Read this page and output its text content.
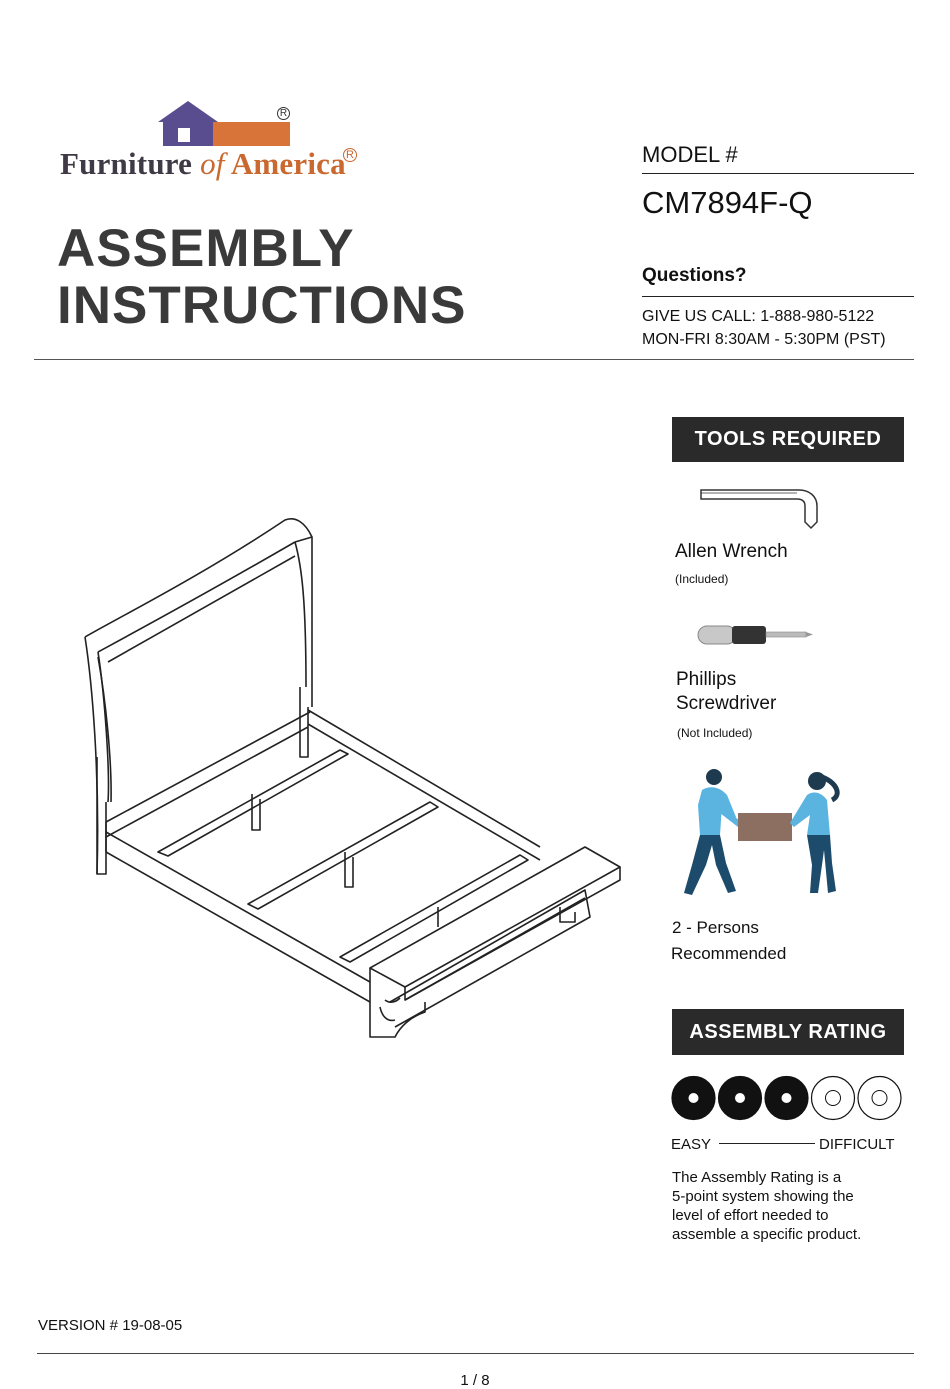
R
Furniture of America R
ASSEMBLY
INSTRUCTIONS
MODEL #
CM7894F-Q
Questions?
GIVE US CALL: 1-888-980-5122
MON-FRI 8:30AM - 5:30PM (PST)
TOOLS REQUIRED
Allen Wrench
(Included)
Phillips
Screwdriver
(Not Included)
2 - Persons
Recommended
ASSEMBLY RATING
EASY	DIFFICULT
The Assembly Rating is a
5-point system showing the
level of effort needed to
assemble a specific product.
VERSION # 19-08-05
1 / 8
